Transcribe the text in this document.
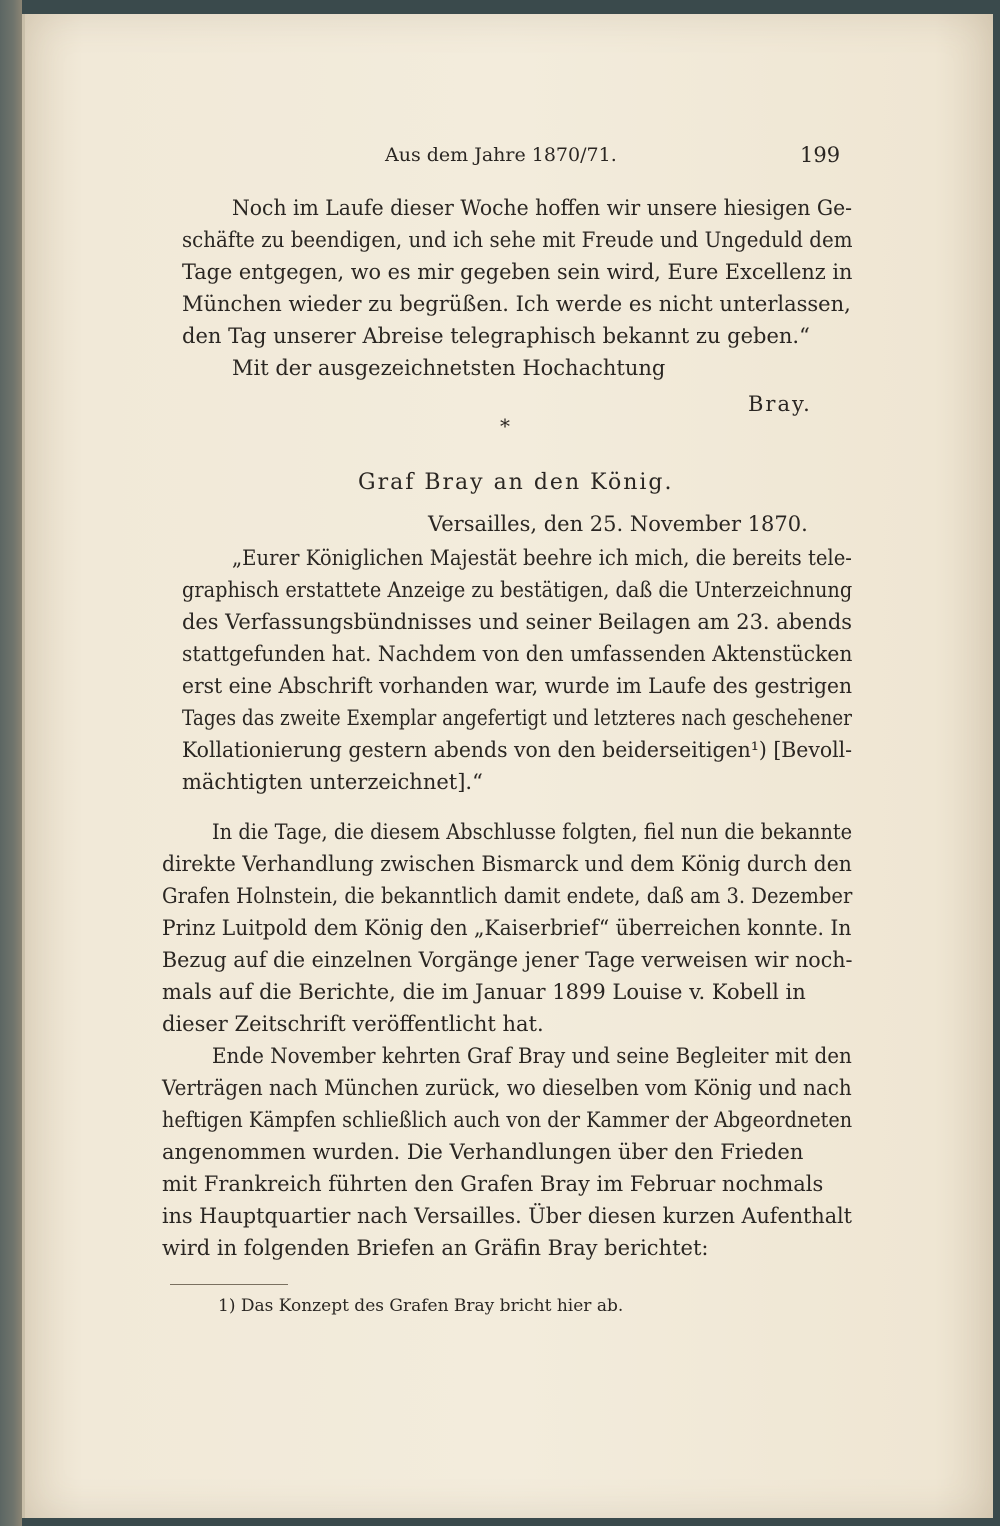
Aus dem Jahre 1870/71.	199
Noch im Laufe dieser Woche hoffen wir unsere hiesigen Ge-
schäfte zu beendigen, und ich sehe mit Freude und Ungeduld dem
Tage entgegen, wo es mir gegeben sein wird, Eure Excellenz in
München wieder zu begrüßen. Ich werde es nicht unterlassen,
den Tag unserer Abreise telegraphisch bekannt zu geben.“
Mit der ausgezeichnetsten Hochachtung
Bray.
*
Graf Bray an den König.
Versailles, den 25. November 1870.
„Eurer Königlichen Majestät beehre ich mich, die bereits tele-
graphisch erstattete Anzeige zu bestätigen, daß die Unterzeichnung
des Verfassungsbündnisses und seiner Beilagen am 23. abends
stattgefunden hat. Nachdem von den umfassenden Aktenstücken
erst eine Abschrift vorhanden war, wurde im Laufe des gestrigen
Tages das zweite Exemplar angefertigt und letzteres nach geschehener
Kollationierung gestern abends von den beiderseitigen¹) [Bevoll-
mächtigten unterzeichnet].“
In die Tage, die diesem Abschlusse folgten, fiel nun die bekannte
direkte Verhandlung zwischen Bismarck und dem König durch den
Grafen Holnstein, die bekanntlich damit endete, daß am 3. Dezember
Prinz Luitpold dem König den „Kaiserbrief“ überreichen konnte. In
Bezug auf die einzelnen Vorgänge jener Tage verweisen wir noch-
mals auf die Berichte, die im Januar 1899 Louise v. Kobell in
dieser Zeitschrift veröffentlicht hat.
Ende November kehrten Graf Bray und seine Begleiter mit den
Verträgen nach München zurück, wo dieselben vom König und nach
heftigen Kämpfen schließlich auch von der Kammer der Abgeordneten
angenommen wurden. Die Verhandlungen über den Frieden
mit Frankreich führten den Grafen Bray im Februar nochmals
ins Hauptquartier nach Versailles. Über diesen kurzen Aufenthalt
wird in folgenden Briefen an Gräfin Bray berichtet:
1) Das Konzept des Grafen Bray bricht hier ab.
